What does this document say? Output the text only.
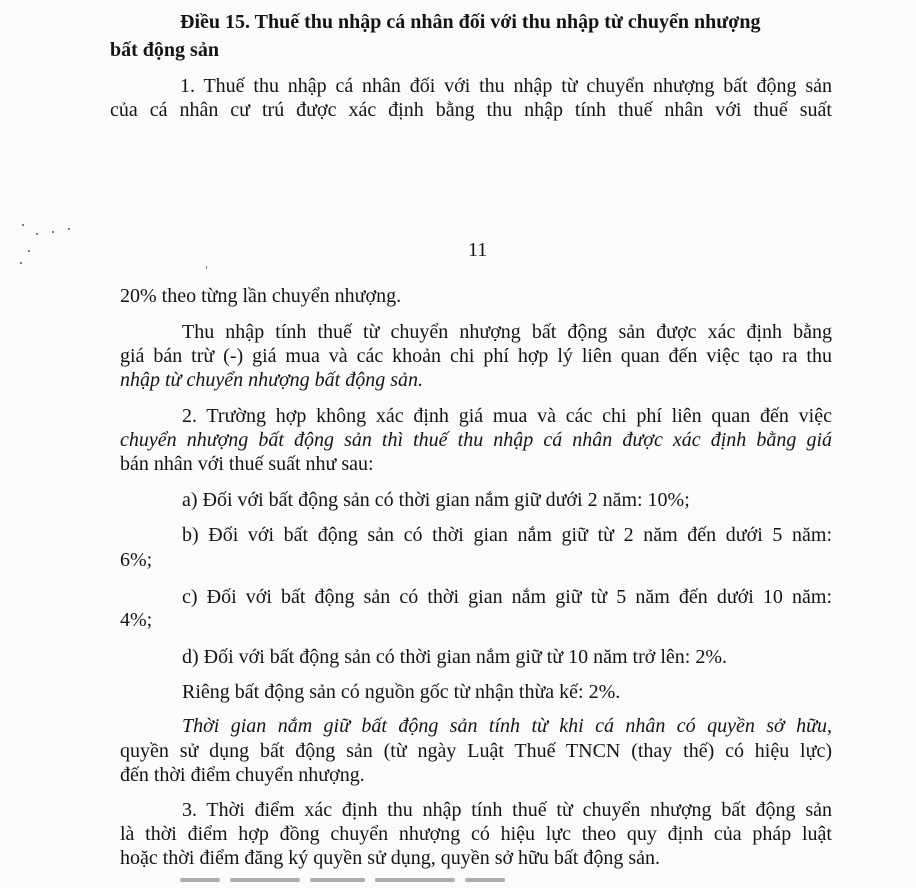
Điều 15. Thuế thu nhập cá nhân đối với thu nhập từ chuyển nhượng
bất động sản
1. Thuế thu nhập cá nhân đối với thu nhập từ chuyển nhượng bất động sản
của cá nhân cư trú được xác định bằng thu nhập tính thuế nhân với thuế suất
11
20% theo từng lần chuyển nhượng.
Thu nhập tính thuế từ chuyển nhượng bất động sản được xác định bằng
giá bán trừ (-) giá mua và các khoản chi phí hợp lý liên quan đến việc tạo ra thu
nhập từ chuyển nhượng bất động sản.
2. Trường hợp không xác định giá mua và các chi phí liên quan đến việc
chuyển nhượng bất động sản thì thuế thu nhập cá nhân được xác định bằng giá
bán nhân với thuế suất như sau:
a) Đối với bất động sản có thời gian nắm giữ dưới 2 năm: 10%;
b) Đối với bất động sản có thời gian nắm giữ từ 2 năm đến dưới 5 năm:
6%;
c) Đối với bất động sản có thời gian nắm giữ từ 5 năm đến dưới 10 năm:
4%;
d) Đối với bất động sản có thời gian nắm giữ từ 10 năm trở lên: 2%.
Riêng bất động sản có nguồn gốc từ nhận thừa kế: 2%.
Thời gian nắm giữ bất động sản tính từ khi cá nhân có quyền sở hữu,
quyền sử dụng bất động sản (từ ngày Luật Thuế TNCN (thay thế) có hiệu lực)
đến thời điểm chuyển nhượng.
3. Thời điểm xác định thu nhập tính thuế từ chuyển nhượng bất động sản
là thời điểm hợp đồng chuyển nhượng có hiệu lực theo quy định của pháp luật
hoặc thời điểm đăng ký quyền sử dụng, quyền sở hữu bất động sản.
